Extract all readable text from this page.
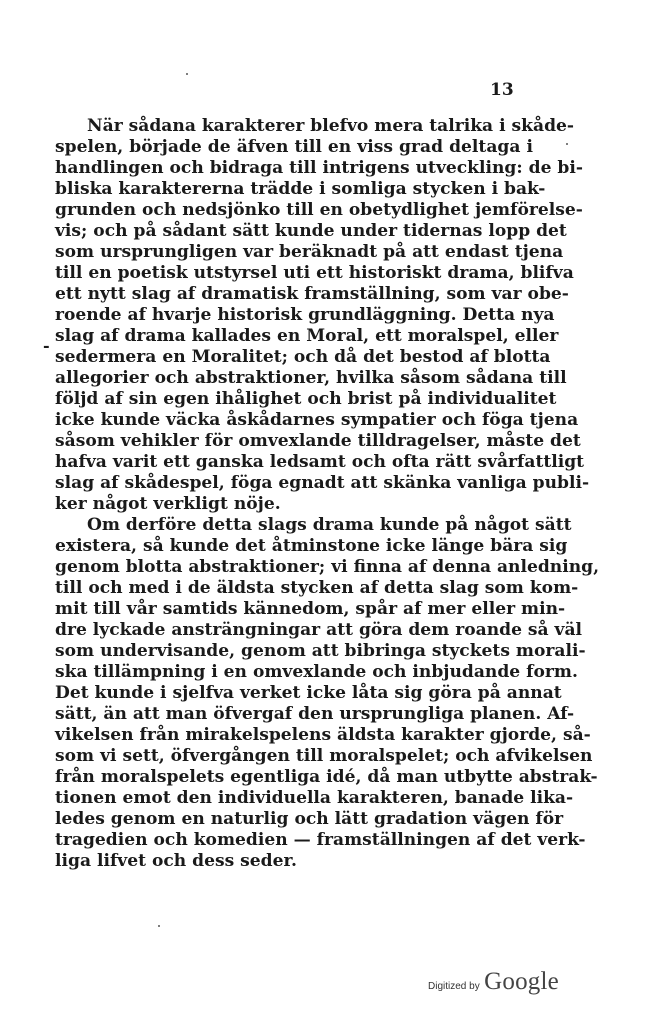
13
-
När sådana karakterer blefvo mera talrika i skåde-
spelen, började de äfven till en viss grad deltaga i
handlingen och bidraga till intrigens utveckling: de bi-
bliska karaktererna trädde i somliga stycken i bak-
grunden och nedsjönko till en obetydlighet jemförelse-
vis; och på sådant sätt kunde under tidernas lopp det
som ursprungligen var beräknadt på att endast tjena
till en poetisk utstyrsel uti ett historiskt drama, blifva
ett nytt slag af dramatisk framställning, som var obe-
roende af hvarje historisk grundläggning. Detta nya
slag af drama kallades en Moral, ett moralspel, eller
sedermera en Moralitet; och då det bestod af blotta
allegorier och abstraktioner, hvilka såsom sådana till
följd af sin egen ihålighet och brist på individualitet
icke kunde väcka åskådarnes sympatier och föga tjena
såsom vehikler för omvexlande tilldragelser, måste det
hafva varit ett ganska ledsamt och ofta rätt svårfattligt
slag af skådespel, föga egnadt att skänka vanliga publi-
ker något verkligt nöje.
Om derföre detta slags drama kunde på något sätt
existera, så kunde det åtminstone icke länge bära sig
genom blotta abstraktioner; vi finna af denna anledning,
till och med i de äldsta stycken af detta slag som kom-
mit till vår samtids kännedom, spår af mer eller min-
dre lyckade ansträngningar att göra dem roande så väl
som undervisande, genom att bibringa styckets morali-
ska tillämpning i en omvexlande och inbjudande form.
Det kunde i sjelfva verket icke låta sig göra på annat
sätt, än att man öfvergaf den ursprungliga planen. Af-
vikelsen från mirakelspelens äldsta karakter gjorde, så-
som vi sett, öfvergången till moralspelet; och afvikelsen
från moralspelets egentliga idé, då man utbytte abstrak-
tionen emot den individuella karakteren, banade lika-
ledes genom en naturlig och lätt gradation vägen för
tragedien och komedien — framställningen af det verk-
liga lifvet och dess seder.
Digitized by Google
